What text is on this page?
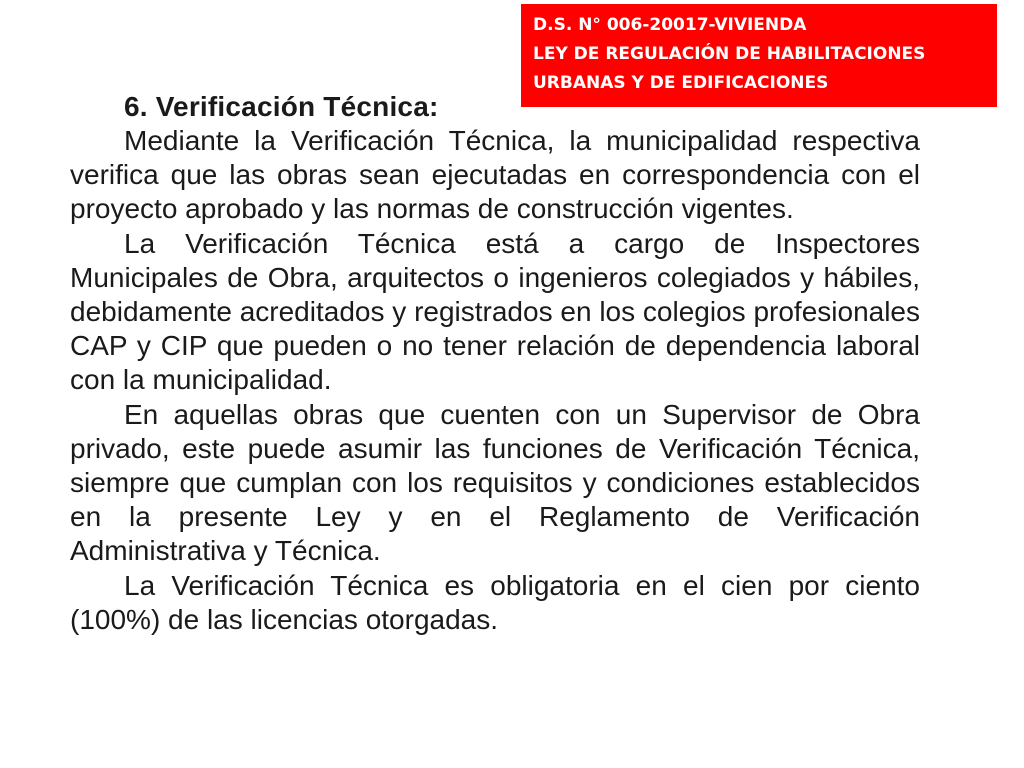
D.S. N° 006-20017-VIVIENDA
LEY DE REGULACIÓN DE HABILITACIONES
URBANAS Y DE EDIFICACIONES
6. Verificación Técnica:

Mediante la Verificación Técnica, la municipalidad respectiva verifica que las obras sean ejecutadas en correspondencia con el proyecto aprobado y las normas de construcción vigentes.

La Verificación Técnica está a cargo de Inspectores Municipales de Obra, arquitectos o ingenieros colegiados y hábiles, debidamente acreditados y registrados en los colegios profesionales CAP y CIP que pueden o no tener relación de dependencia laboral con la municipalidad.

En aquellas obras que cuenten con un Supervisor de Obra privado, este puede asumir las funciones de Verificación Técnica, siempre que cumplan con los requisitos y condiciones establecidos en la presente Ley y en el Reglamento de Verificación Administrativa y Técnica.

La Verificación Técnica es obligatoria en el cien por ciento (100%) de las licencias otorgadas.
